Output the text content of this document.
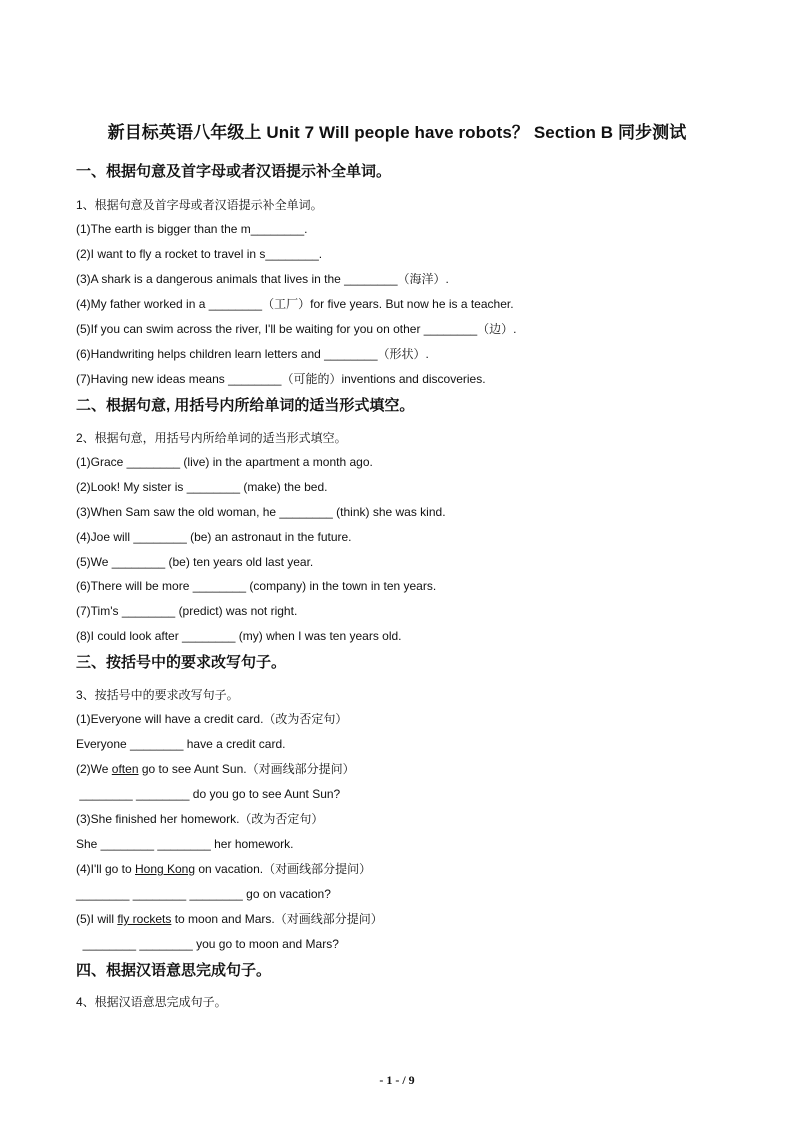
新目标英语八年级上 Unit 7 Will people have robots？ Section B 同步测试
一、根据句意及首字母或者汉语提示补全单词。
1、根据句意及首字母或者汉语提示补全单词。
(1)The earth is bigger than the m________.
(2)I want to fly a rocket to travel in s________.
(3)A shark is a dangerous animals that lives in the ________（海洋）.
(4)My father worked in a ________（工厂）for five years. But now he is a teacher.
(5)If you can swim across the river, I'll be waiting for you on other ________（边）.
(6)Handwriting helps children learn letters and ________（形状）.
(7)Having new ideas means ________（可能的）inventions and discoveries.
二、根据句意, 用括号内所给单词的适当形式填空。
2、根据句意，用括号内所给单词的适当形式填空。
(1)Grace ________ (live) in the apartment a month ago.
(2)Look! My sister is ________ (make) the bed.
(3)When Sam saw the old woman, he ________ (think) she was kind.
(4)Joe will ________ (be) an astronaut in the future.
(5)We ________ (be) ten years old last year.
(6)There will be more ________ (company) in the town in ten years.
(7)Tim's ________ (predict) was not right.
(8)I could look after ________ (my) when I was ten years old.
三、按括号中的要求改写句子。
3、按括号中的要求改写句子。
(1)Everyone will have a credit card.（改为否定句）
Everyone ________ have a credit card.
(2)We often go to see Aunt Sun.（对画线部分提问）
________ ________ do you go to see Aunt Sun?
(3)She finished her homework.（改为否定句）
She ________ ________ her homework.
(4)I'll go to Hong Kong on vacation.（对画线部分提问）
________ ________ ________ go on vacation?
(5)I will fly rockets to moon and Mars.（对画线部分提问）
________ ________ you go to moon and Mars?
四、根据汉语意思完成句子。
4、根据汉语意思完成句子。
- 1 - / 9
